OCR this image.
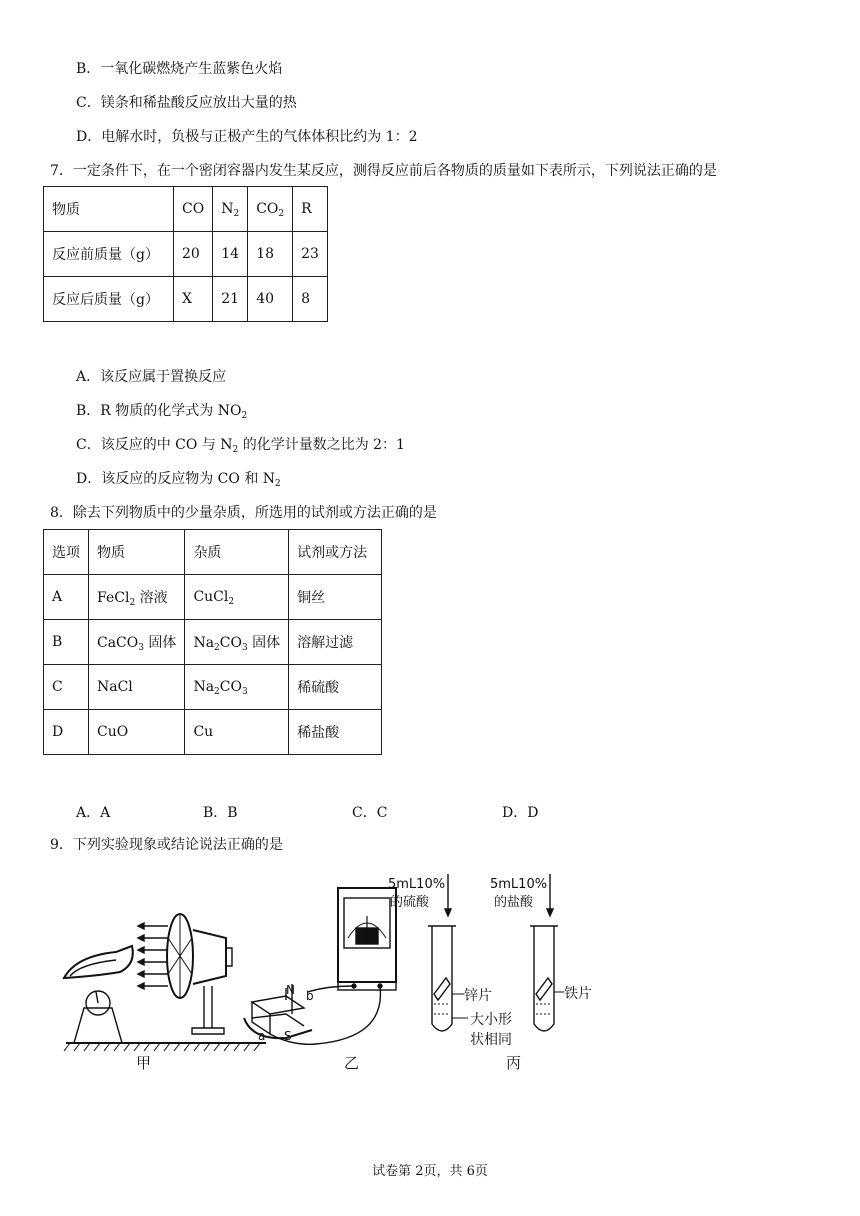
B．一氧化碳燃烧产生蓝紫色火焰
C．镁条和稀盐酸反应放出大量的热
D．电解水时，负极与正极产生的气体体积比约为 1：2
7．一定条件下，在一个密闭容器内发生某反应，测得反应前后各物质的质量如下表所示，下列说法正确的是
物质	CO	$N_2$	$CO_2$	R
反应前质量（g）	20	14	18	23
反应后质量（g）	X	21	40	8
A．该反应属于置换反应
B．R 物质的化学式为 $NO_2$
C．该反应的中 CO 与 $N_2$ 的化学计量数之比为 2：1
D．该反应的反应物为 CO 和 $N_2$
8．除去下列物质中的少量杂质，所选用的试剂或方法正确的是
选项	物质	杂质	试剂或方法
A	FeCl$_2$ 溶液	CuCl$_2$	铜丝
B	CaCO$_3$ 固体	$Na_2CO_3$ 固体	溶解过滤
C	NaCl	$Na_2CO_3$	稀硫酸
D	CuO	Cu	稀盐酸
A．A	B．B	C．C	D．D
9．下列实验现象或结论说法正确的是
甲
N b
a S
乙
5mL10%
的硫酸
5mL10%
的盐酸
锌片	铁片
大小形
状相同
丙
试卷第 2页，共 6页
